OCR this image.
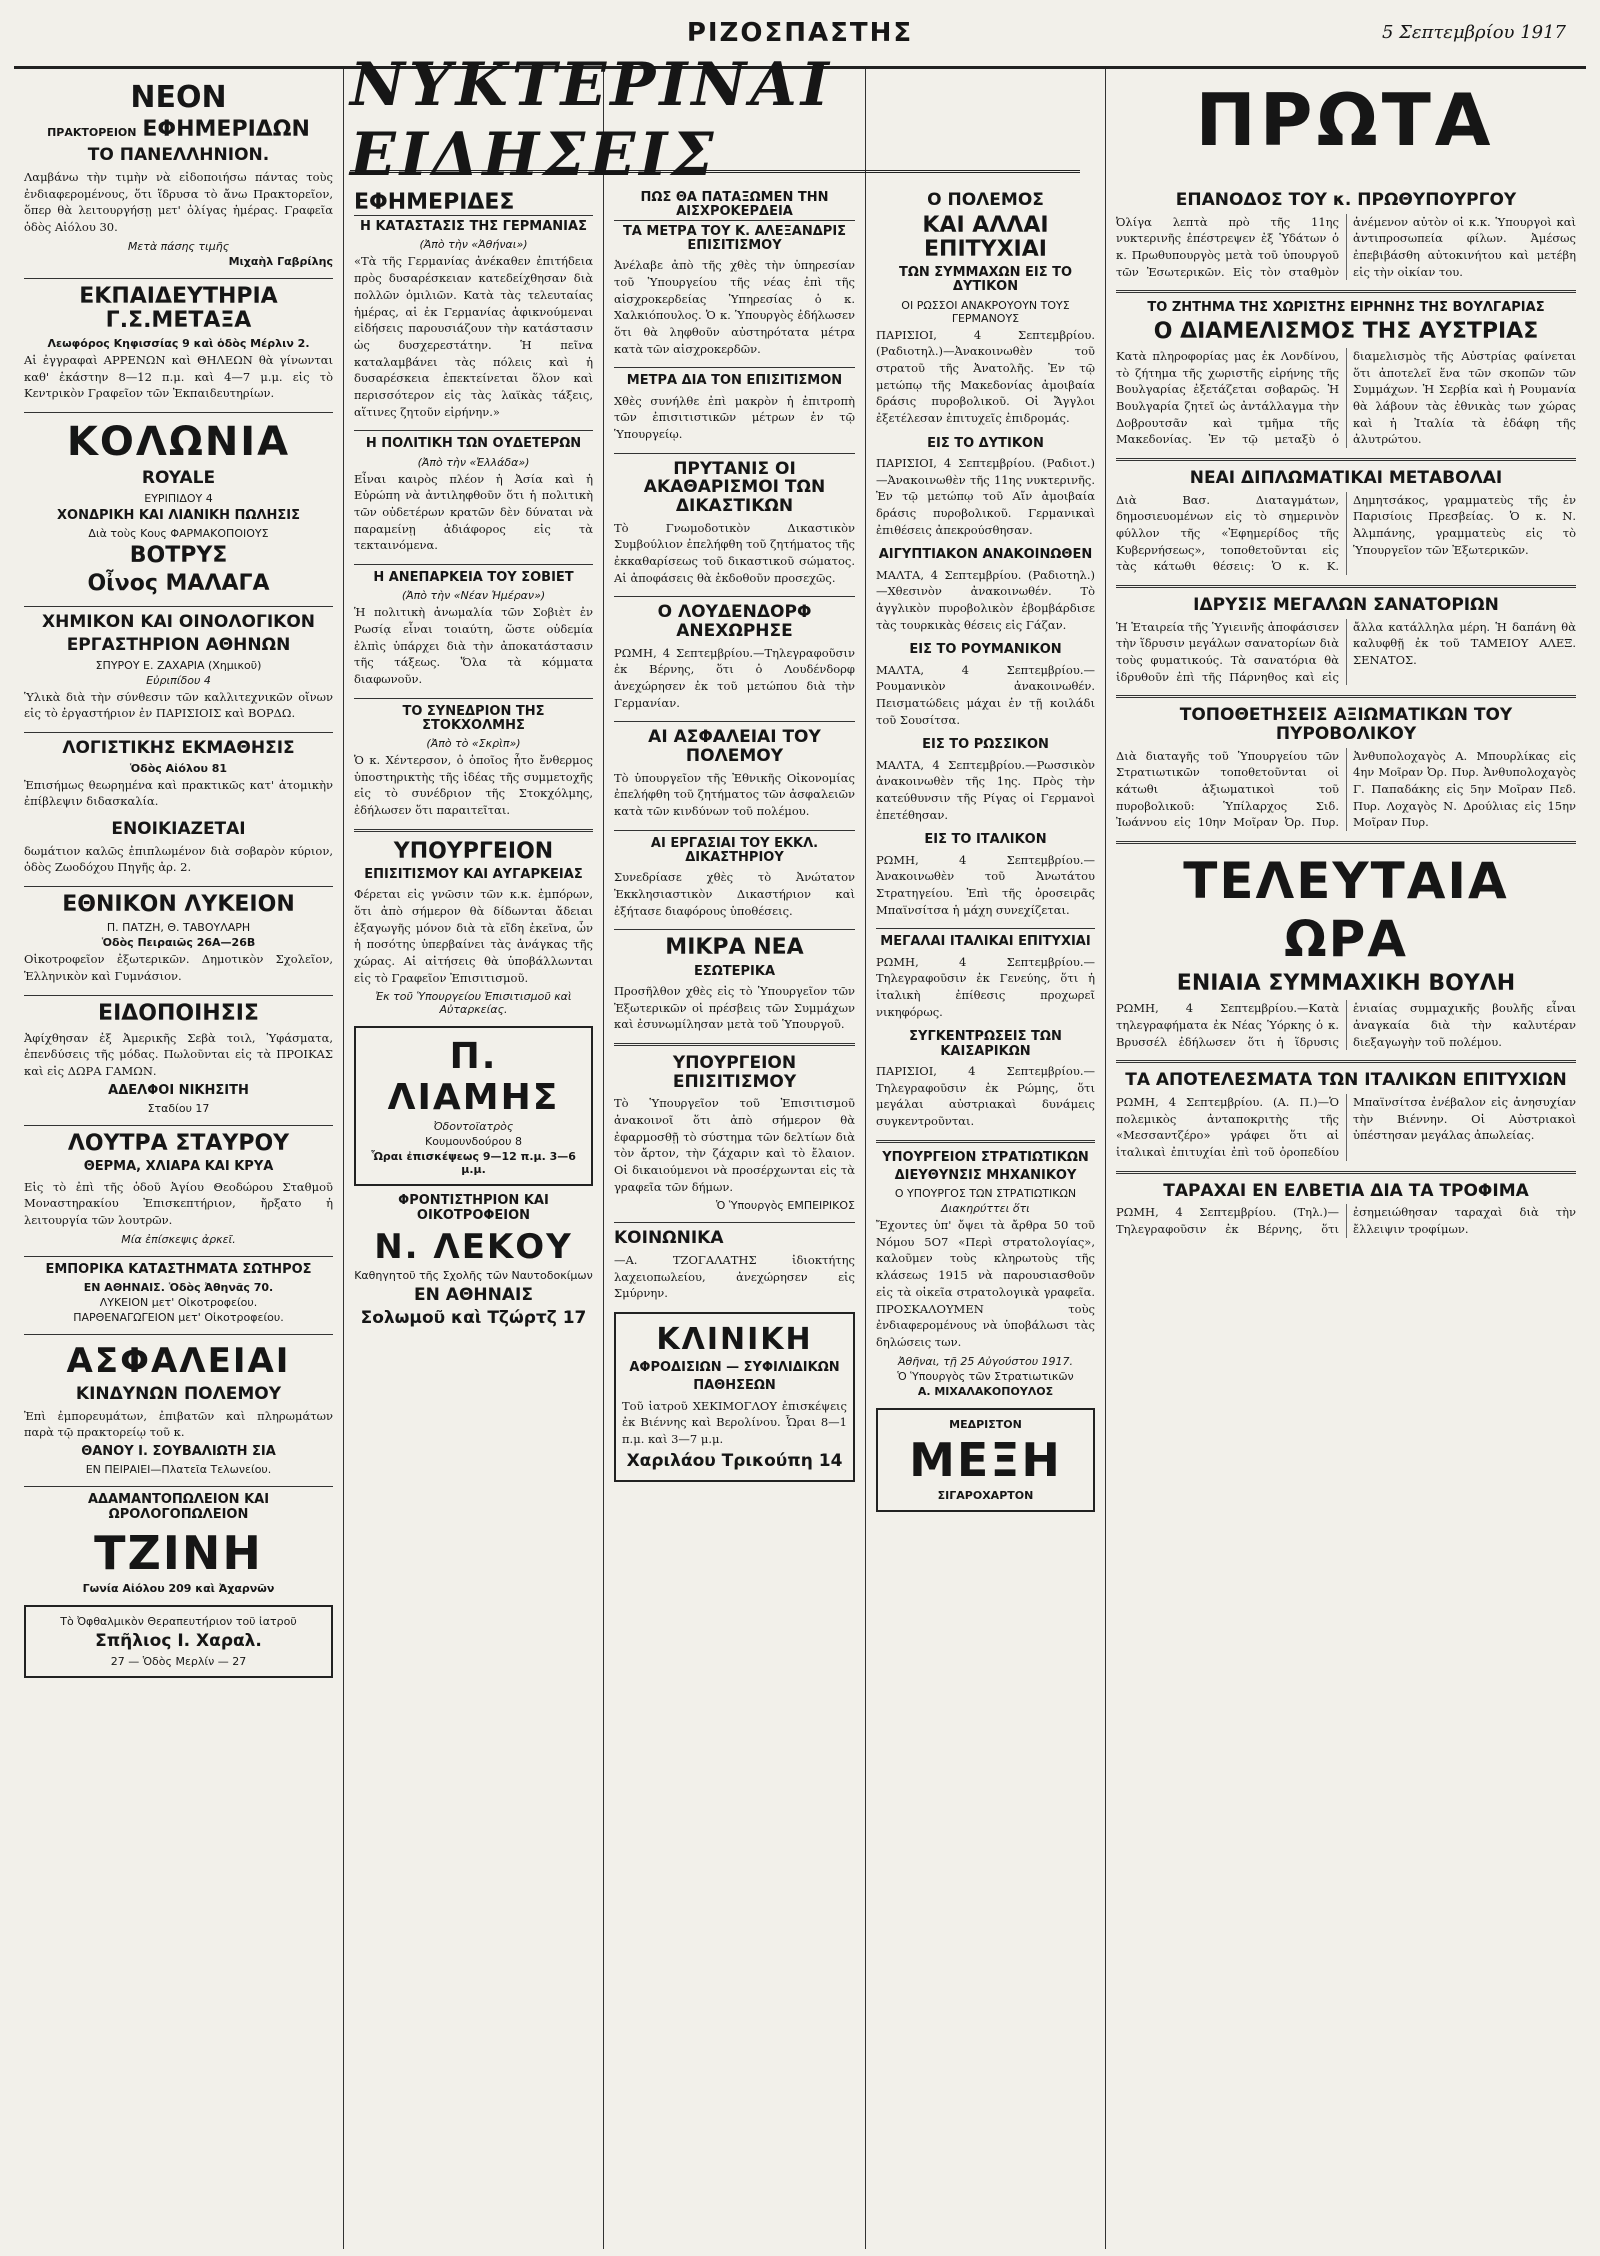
ΡΙΖΟΣΠΑΣΤΗΣ	5 Σεπτεμβρίου 1917
ΝΥΚΤΕΡΙΝΑΙ ΕΙΔΗΣΕΙΣ	ΠΡΩΤΑ
ΝΕΟΝ
ΠΡΑΚΤΟΡΕΙΟΝ ΕΦΗΜΕΡΙΔΩΝ
ΤΟ ΠΑΝΕΛΛΗΝΙΟΝ.

Λαμβάνω τὴν τιμὴν νὰ εἰδοποιήσω πάντας τοὺς ἐνδιαφερομένους, ὅτι ἵδρυσα τὸ ἄνω Πρακτορεῖον, ὅπερ θὰ λειτουργήσῃ μετ' ὀλίγας ἡμέρας. Γραφεῖα ὁδὸς Αἰόλου 30.

Μετὰ πάσης τιμῆς
Μιχαὴλ Γαβρίλης
ΕΚΠΑΙΔΕΥΤΗΡΙΑ Γ.Σ.ΜΕΤΑΞΑ
Λεωφόρος Κηφισσίας 9 καὶ ὁδὸς Μέρλιν 2.

Αἱ ἐγγραφαὶ ΑΡΡΕΝΩΝ καὶ ΘΗΛΕΩΝ θὰ γίνωνται καθ' ἑκάστην 8—12 π.μ. καὶ 4—7 μ.μ. εἰς τὸ Κεντρικὸν Γραφεῖον τῶν Ἐκπαιδευτηρίων.

ΚΟΛΩΝΙΑ
ROYALE
ΕΥΡΙΠΙΔΟΥ 4
ΧΟΝΔΡΙΚΗ ΚΑΙ ΛΙΑΝΙΚΗ ΠΩΛΗΣΙΣ
Διὰ τοὺς Κους ΦΑΡΜΑΚΟΠΟΙΟΥΣ
ΒΟΤΡΥΣ
Οἶνος ΜΑΛΑΓΑ
ΧΗΜΙΚΟΝ ΚΑΙ ΟΙΝΟΛΟΓΙΚΟΝ
ΕΡΓΑΣΤΗΡΙΟΝ ΑΘΗΝΩΝ
ΣΠΥΡΟΥ Ε. ΖΑΧΑΡΙΑ (Χημικοῦ)
Εὐριπίδου 4

Ὑλικὰ διὰ τὴν σύνθεσιν τῶν καλλιτεχνικῶν οἴνων εἰς τὸ ἐργαστήριον ἐν ΠΑΡΙΣΙΟΙΣ καὶ ΒΟΡΔΩ.

ΛΟΓΙΣΤΙΚΗΣ ΕΚΜΑΘΗΣΙΣ
Ὁδὸς Αἰόλου 81

Ἐπισήμως θεωρημένα καὶ πρακτικῶς κατ' ἀτομικὴν ἐπίβλεψιν διδασκαλία.

ΕΝΟΙΚΙΑΖΕΤΑΙ

δωμάτιον καλῶς ἐπιπλωμένον διὰ σοβαρὸν κύριον, ὁδὸς Ζωοδόχου Πηγῆς ἀρ. 2.

ΕΘΝΙΚΟΝ ΛΥΚΕΙΟΝ
Π. ΠΑΤΖΗ, Θ. ΤΑΒΟΥΛΑΡΗ
Ὁδὸς Πειραιῶς 26Α—26Β

Οἰκοτροφεῖον ἐξωτερικῶν. Δημοτικὸν Σχολεῖον, Ἑλληνικὸν καὶ Γυμνάσιον.

ΕΙΔΟΠΟΙΗΣΙΣ

Ἀφίχθησαν ἐξ Ἀμερικῆς Σεβὰ τοιλ, Ὑφάσματα, ἐπενδύσεις τῆς μόδας. Πωλοῦνται εἰς τὰ ΠΡΟΙΚΑΣ καὶ εἰς ΔΩΡΑ ΓΑΜΩΝ.

ΑΔΕΛΦΟΙ ΝΙΚΗΣΙΤΗ
Σταδίου 17
ΛΟΥΤΡΑ ΣΤΑΥΡΟΥ
ΘΕΡΜΑ, ΧΛΙΑΡΑ ΚΑΙ ΚΡΥΑ

Εἰς τὸ ἐπὶ τῆς ὁδοῦ Ἀγίου Θεοδώρου Σταθμοῦ Μοναστηρακίου Ἐπισκεπτήριον, ἤρξατο ἡ λειτουργία τῶν λουτρῶν.

Μία ἐπίσκεψις ἀρκεῖ.
ΕΜΠΟΡΙΚΑ ΚΑΤΑΣΤΗΜΑΤΑ ΣΩΤΗΡΟΣ
ΕΝ ΑΘΗΝΑΙΣ. Ὁδὸς Ἀθηνᾶς 70.
ΛΥΚΕΙΟΝ μετ' Οἰκοτροφείου.
ΠΑΡΘΕΝΑΓΩΓΕΙΟΝ μετ' Οἰκοτροφείου.
ΑΣΦΑΛΕΙΑΙ
ΚΙΝΔΥΝΩΝ ΠΟΛΕΜΟΥ

Ἐπὶ ἐμπορευμάτων, ἐπιβατῶν καὶ πληρωμάτων παρὰ τῷ πρακτορείῳ τοῦ κ.

ΘΑΝΟΥ Ι. ΣΟΥΒΑΛΙΩΤΗ ΣΙΑ
ΕΝ ΠΕΙΡΑΙΕΙ—Πλατεῖα Τελωνείου.
ΑΔΑΜΑΝΤΟΠΩΛΕΙΟΝ ΚΑΙ ΩΡΟΛΟΓΟΠΩΛΕΙΟΝ
ΤΖΙΝΗ
Γωνία Αἰόλου 209 καὶ Ἀχαρνῶν
Τὸ Ὀφθαλμικὸν Θεραπευτήριον τοῦ ἰατροῦ
Σπῆλιος Ι. Χαραλ.
27 — Ὁδὸς Μερλίν — 27
ΕΦΗΜΕΡΙΔΕΣ
Η ΚΑΤΑΣΤΑΣΙΣ ΤΗΣ ΓΕΡΜΑΝΙΑΣ
(Ἀπὸ τὴν «Ἀθήναι»)

«Τὰ τῆς Γερμανίας ἀνέκαθεν ἐπιτήδεια πρὸς δυσαρέσκειαν κατεδείχθησαν διὰ πολλῶν ὁμιλιῶν. Κατὰ τὰς τελευταίας ἡμέρας, αἱ ἐκ Γερμανίας ἀφικνούμεναι εἰδήσεις παρουσιάζουν τὴν κατάστασιν ὡς δυσχερεστάτην. Ἡ πεῖνα καταλαμβάνει τὰς πόλεις καὶ ἡ δυσαρέσκεια ἐπεκτείνεται ὅλον καὶ περισσότερον εἰς τὰς λαϊκὰς τάξεις, αἵτινες ζητοῦν εἰρήνην.»

Η ΠΟΛΙΤΙΚΗ ΤΩΝ ΟΥΔΕΤΕΡΩΝ
(Ἀπὸ τὴν «Ἑλλάδα»)

Εἶναι καιρὸς πλέον ἡ Ἀσία καὶ ἡ Εὐρώπη νὰ ἀντιληφθοῦν ὅτι ἡ πολιτικὴ τῶν οὐδετέρων κρατῶν δὲν δύναται νὰ παραμείνῃ ἀδιάφορος εἰς τὰ τεκταινόμενα.

Η ΑΝΕΠΑΡΚΕΙΑ ΤΟΥ ΣΟΒΙΕΤ
(Ἀπὸ τὴν «Νέαν Ἡμέραν»)

Ἡ πολιτικὴ ἀνωμαλία τῶν Σοβιὲτ ἐν Ρωσίᾳ εἶναι τοιαύτη, ὥστε οὐδεμία ἐλπὶς ὑπάρχει διὰ τὴν ἀποκατάστασιν τῆς τάξεως. Ὅλα τὰ κόμματα διαφωνοῦν.

ΤΟ ΣΥΝΕΔΡΙΟΝ ΤΗΣ ΣΤΟΚΧΟΛΜΗΣ
(Ἀπὸ τὸ «Σκρὶπ»)

Ὁ κ. Χέντερσον, ὁ ὁποῖος ἦτο ἔνθερμος ὑποστηρικτὴς τῆς ἰδέας τῆς συμμετοχῆς εἰς τὸ συνέδριον τῆς Στοκχόλμης, ἐδήλωσεν ὅτι παραιτεῖται.

ΥΠΟΥΡΓΕΙΟΝ
ΕΠΙΣΙΤΙΣΜΟΥ ΚΑΙ ΑΥΓΑΡΚΕΙΑΣ

Φέρεται εἰς γνῶσιν τῶν κ.κ. ἐμπόρων, ὅτι ἀπὸ σήμερον θὰ δίδωνται ἄδειαι ἐξαγωγῆς μόνον διὰ τὰ εἴδη ἐκεῖνα, ὧν ἡ ποσότης ὑπερβαίνει τὰς ἀνάγκας τῆς χώρας. Αἱ αἰτήσεις θὰ ὑποβάλλωνται εἰς τὸ Γραφεῖον Ἐπισιτισμοῦ.

Ἐκ τοῦ Ὑπουργείου Ἐπισιτισμοῦ καὶ Αὐταρκείας.
Π. ΛΙΑΜΗΣ
Ὀδοντοϊατρὸς
Κουμουνδούρου 8
Ὧραι ἐπισκέψεως 9—12 π.μ. 3—6 μ.μ.
ΦΡΟΝΤΙΣΤΗΡΙΟΝ ΚΑΙ ΟΙΚΟΤΡΟΦΕΙΟΝ
Ν. ΛΕΚΟΥ
Καθηγητοῦ τῆς Σχολῆς τῶν Ναυτοδοκίμων
ΕΝ ΑΘΗΝΑΙΣ
Σολωμοῦ καὶ Τζώρτζ 17
ΠΩΣ ΘΑ ΠΑΤΑΞΩΜΕΝ ΤΗΝ ΑΙΣΧΡΟΚΕΡΔΕΙΑ
ΤΑ ΜΕΤΡΑ ΤΟΥ Κ. ΑΛΕΞΑΝΔΡΙΣ ΕΠΙΣΙΤΙΣΜΟΥ

Ἀνέλαβε ἀπὸ τῆς χθὲς τὴν ὑπηρεσίαν τοῦ Ὑπουργείου τῆς νέας ἐπὶ τῆς αἰσχροκερδείας Ὑπηρεσίας ὁ κ. Χαλκιόπουλος. Ὁ κ. Ὑπουργὸς ἐδήλωσεν ὅτι θὰ ληφθοῦν αὐστηρότατα μέτρα κατὰ τῶν αἰσχροκερδῶν.

ΜΕΤΡΑ ΔΙΑ ΤΟΝ ΕΠΙΣΙΤΙΣΜΟΝ

Χθὲς συνήλθε ἐπὶ μακρὸν ἡ ἐπιτροπὴ τῶν ἐπισιτιστικῶν μέτρων ἐν τῷ Ὑπουργείῳ.

ΠΡΥΤΑΝΙΣ ΟΙ ΑΚΑΘΑΡΙΣΜΟΙ ΤΩΝ ΔΙΚΑΣΤΙΚΩΝ

Τὸ Γνωμοδοτικὸν Δικαστικὸν Συμβούλιον ἐπελήφθη τοῦ ζητήματος τῆς ἐκκαθαρίσεως τοῦ δικαστικοῦ σώματος. Αἱ ἀποφάσεις θὰ ἐκδοθοῦν προσεχῶς.

Ο ΛΟΥΔΕΝΔΟΡΦ ΑΝΕΧΩΡΗΣΕ

ΡΩΜΗ, 4 Σεπτεμβρίου.—Τηλεγραφοῦσιν ἐκ Βέρνης, ὅτι ὁ Λουδένδορφ ἀνεχώρησεν ἐκ τοῦ μετώπου διὰ τὴν Γερμανίαν.

ΑΙ ΑΣΦΑΛΕΙΑΙ ΤΟΥ ΠΟΛΕΜΟΥ

Τὸ ὑπουργεῖον τῆς Ἐθνικῆς Οἰκονομίας ἐπελήφθη τοῦ ζητήματος τῶν ἀσφαλειῶν κατὰ τῶν κινδύνων τοῦ πολέμου.

ΑΙ ΕΡΓΑΣΙΑΙ ΤΟΥ ΕΚΚΛ. ΔΙΚΑΣΤΗΡΙΟΥ

Συνεδρίασε χθὲς τὸ Ἀνώτατον Ἐκκλησιαστικὸν Δικαστήριον καὶ ἐξήτασε διαφόρους ὑποθέσεις.

ΜΙΚΡΑ ΝΕΑ
ΕΣΩΤΕΡΙΚΑ

Προσῆλθον χθὲς εἰς τὸ Ὑπουργεῖον τῶν Ἐξωτερικῶν οἱ πρέσβεις τῶν Συμμάχων καὶ ἐσυνωμίλησαν μετὰ τοῦ Ὑπουργοῦ.

ΥΠΟΥΡΓΕΙΟΝ ΕΠΙΣΙΤΙΣΜΟΥ

Τὸ Ὑπουργεῖον τοῦ Ἐπισιτισμοῦ ἀνακοινοῖ ὅτι ἀπὸ σήμερον θὰ ἐφαρμοσθῇ τὸ σύστημα τῶν δελτίων διὰ τὸν ἄρτον, τὴν ζάχαριν καὶ τὸ ἔλαιον. Οἱ δικαιούμενοι νὰ προσέρχωνται εἰς τὰ γραφεῖα τῶν δήμων.

Ὁ Ὑπουργὸς ΕΜΠΕΙΡΙΚΟΣ
ΚΟΙΝΩΝΙΚΑ

—Α. ΤΖΟΓΑΛΑΤΗΣ ἰδιοκτήτης λαχειοπωλείου, ἀνεχώρησεν εἰς Σμύρνην.

ΚΛΙΝΙΚΗ
ΑΦΡΟΔΙΣΙΩΝ — ΣΥΦΙΛΙΔΙΚΩΝ
ΠΑΘΗΣΕΩΝ

Τοῦ ἰατροῦ ΧΕΚΙΜΟΓΛΟΥ ἐπισκέψεις ἐκ Βιέννης καὶ Βερολίνου. Ὧραι 8—1 π.μ. καὶ 3—7 μ.μ.

Χαριλάου Τρικούπη 14
Ο ΠΟΛΕΜΟΣ
ΚΑΙ ΑΛΛΑΙ ΕΠΙΤΥΧΙΑΙ
ΤΩΝ ΣΥΜΜΑΧΩΝ ΕΙΣ ΤΟ ΔΥΤΙΚΟΝ
ΟΙ ΡΩΣΣΟΙ ΑΝΑΚΡΟΥΟΥΝ ΤΟΥΣ ΓΕΡΜΑΝΟΥΣ

ΠΑΡΙΣΙΟΙ, 4 Σεπτεμβρίου. (Ραδιοτηλ.)—Ἀνακοινωθὲν τοῦ στρατοῦ τῆς Ἀνατολῆς. Ἐν τῷ μετώπῳ τῆς Μακεδονίας ἀμοιβαία δράσις πυροβολικοῦ. Οἱ Ἄγγλοι ἐξετέλεσαν ἐπιτυχεῖς ἐπιδρομάς.

ΕΙΣ ΤΟ ΔΥΤΙΚΟΝ

ΠΑΡΙΣΙΟΙ, 4 Σεπτεμβρίου. (Ραδιοτ.)—Ἀνακοινωθὲν τῆς 11ης νυκτερινῆς. Ἐν τῷ μετώπῳ τοῦ Αἴν ἀμοιβαία δράσις πυροβολικοῦ. Γερμανικαὶ ἐπιθέσεις ἀπεκρούσθησαν.

ΑΙΓΥΠΤΙΑΚΟΝ ΑΝΑΚΟΙΝΩΘΕΝ

ΜΑΛΤΑ, 4 Σεπτεμβρίου. (Ραδιοτηλ.)—Χθεσινὸν ἀνακοινωθέν. Τὸ ἀγγλικὸν πυροβολικὸν ἐβομβάρδισε τὰς τουρκικὰς θέσεις εἰς Γάζαν.

ΕΙΣ ΤΟ ΡΟΥΜΑΝΙΚΟΝ

ΜΑΛΤΑ, 4 Σεπτεμβρίου.—Ρουμανικὸν ἀνακοινωθέν. Πεισματώδεις μάχαι ἐν τῇ κοιλάδι τοῦ Σουσίτσα.

ΕΙΣ ΤΟ ΡΩΣΣΙΚΟΝ

ΜΑΛΤΑ, 4 Σεπτεμβρίου.—Ρωσσικὸν ἀνακοινωθὲν τῆς 1ης. Πρὸς τὴν κατεύθυνσιν τῆς Ρίγας οἱ Γερμανοὶ ἐπετέθησαν.

ΕΙΣ ΤΟ ΙΤΑΛΙΚΟΝ

ΡΩΜΗ, 4 Σεπτεμβρίου.—Ἀνακοινωθὲν τοῦ Ἀνωτάτου Στρατηγείου. Ἐπὶ τῆς ὀροσειρᾶς Μπαϊνσίτσα ἡ μάχη συνεχίζεται.

ΜΕΓΑΛΑΙ ΙΤΑΛΙΚΑΙ ΕΠΙΤΥΧΙΑΙ

ΡΩΜΗ, 4 Σεπτεμβρίου.—Τηλεγραφοῦσιν ἐκ Γενεύης, ὅτι ἡ ἰταλικὴ ἐπίθεσις προχωρεῖ νικηφόρως.

ΣΥΓΚΕΝΤΡΩΣΕΙΣ ΤΩΝ ΚΑΙΣΑΡΙΚΩΝ

ΠΑΡΙΣΙΟΙ, 4 Σεπτεμβρίου.—Τηλεγραφοῦσιν ἐκ Ρώμης, ὅτι μεγάλαι αὐστριακαὶ δυνάμεις συγκεντροῦνται.

ΥΠΟΥΡΓΕΙΟΝ ΣΤΡΑΤΙΩΤΙΚΩΝ
ΔΙΕΥΘΥΝΣΙΣ ΜΗΧΑΝΙΚΟΥ
Ο ΥΠΟΥΡΓΟΣ ΤΩΝ ΣΤΡΑΤΙΩΤΙΚΩΝ
Διακηρύττει ὅτι

Ἔχοντες ὑπ' ὄψει τὰ ἄρθρα 50 τοῦ Νόμου 5Ο7 «Περὶ στρατολογίας», καλοῦμεν τοὺς κληρωτοὺς τῆς κλάσεως 1915 νὰ παρουσιασθοῦν εἰς τὰ οἰκεῖα στρατολογικὰ γραφεῖα. ΠΡΟΣΚΑΛΟΥΜΕΝ τοὺς ἐνδιαφερομένους νὰ ὑποβάλωσι τὰς δηλώσεις των.

Ἀθῆναι, τῇ 25 Αὐγούστου 1917.
Ὁ Ὑπουργὸς τῶν Στρατιωτικῶν
Α. ΜΙΧΑΛΑΚΟΠΟΥΛΟΣ
ΜΕΔΡΙΣΤΟΝ
ΜΕΞΗ
ΣΙΓΑΡΟΧΑΡΤΟΝ
ΕΠΑΝΟΔΟΣ ΤΟΥ κ. ΠΡΩΘΥΠΟΥΡΓΟΥ

Ὀλίγα λεπτὰ πρὸ τῆς 11ης νυκτερινῆς ἐπέστρεψεν ἐξ Ὑδάτων ὁ κ. Πρωθυπουργὸς μετὰ τοῦ ὑπουργοῦ τῶν Ἐσωτερικῶν. Εἰς τὸν σταθμὸν ἀνέμενον αὐτὸν οἱ κ.κ. Ὑπουργοὶ καὶ ἀντιπροσωπεία φίλων. Ἀμέσως ἐπεβιβάσθη αὐτοκινήτου καὶ μετέβη εἰς τὴν οἰκίαν του.

ΤΟ ΖΗΤΗΜΑ ΤΗΣ ΧΩΡΙΣΤΗΣ ΕΙΡΗΝΗΣ ΤΗΣ ΒΟΥΛΓΑΡΙΑΣ
Ο ΔΙΑΜΕΛΙΣΜΟΣ ΤΗΣ ΑΥΣΤΡΙΑΣ

Κατὰ πληροφορίας μας ἐκ Λονδίνου, τὸ ζήτημα τῆς χωριστῆς εἰρήνης τῆς Βουλγαρίας ἐξετάζεται σοβαρῶς. Ἡ Βουλγαρία ζητεῖ ὡς ἀντάλλαγμα τὴν Δοβρουτσᾶν καὶ τμῆμα τῆς Μακεδονίας. Ἐν τῷ μεταξὺ ὁ διαμελισμὸς τῆς Αὐστρίας φαίνεται ὅτι ἀποτελεῖ ἕνα τῶν σκοπῶν τῶν Συμμάχων. Ἡ Σερβία καὶ ἡ Ρουμανία θὰ λάβουν τὰς ἐθνικὰς των χώρας καὶ ἡ Ἰταλία τὰ ἐδάφη τῆς ἀλυτρώτου.

ΝΕΑΙ ΔΙΠΛΩΜΑΤΙΚΑΙ ΜΕΤΑΒΟΛΑΙ

Διὰ Βασ. Διαταγμάτων, δημοσιευομένων εἰς τὸ σημερινὸν φύλλον τῆς «Ἐφημερίδος τῆς Κυβερνήσεως», τοποθετοῦνται εἰς τὰς κάτωθι θέσεις: Ὁ κ. Κ. Δημητσάκος, γραμματεὺς τῆς ἐν Παρισίοις Πρεσβείας. Ὁ κ. Ν. Ἀλμπάνης, γραμματεὺς εἰς τὸ Ὑπουργεῖον τῶν Ἐξωτερικῶν.

ΙΔΡΥΣΙΣ ΜΕΓΑΛΩΝ ΣΑΝΑΤΟΡΙΩΝ

Ἡ Ἑταιρεία τῆς Ὑγιεινῆς ἀποφάσισεν τὴν ἵδρυσιν μεγάλων σανατορίων διὰ τοὺς φυματικούς. Τὰ σανατόρια θὰ ἱδρυθοῦν ἐπὶ τῆς Πάρνηθος καὶ εἰς ἄλλα κατάλληλα μέρη. Ἡ δαπάνη θὰ καλυφθῇ ἐκ τοῦ ΤΑΜΕΙΟΥ ΑΛΕΞ. ΣΕΝΑΤΟΣ.

ΤΟΠΟΘΕΤΗΣΕΙΣ ΑΞΙΩΜΑΤΙΚΩΝ ΤΟΥ ΠΥΡΟΒΟΛΙΚΟΥ

Διὰ διαταγῆς τοῦ Ὑπουργείου τῶν Στρατιωτικῶν τοποθετοῦνται οἱ κάτωθι ἀξιωματικοὶ τοῦ πυροβολικοῦ: Ὑπίλαρχος Σιδ. Ἰωάννου εἰς 10ην Μοῖραν Ὀρ. Πυρ. Ἀνθυπολοχαγὸς Α. Μπουρλίκας εἰς 4ην Μοῖραν Ὀρ. Πυρ. Ἀνθυπολοχαγὸς Γ. Παπαδάκης εἰς 5ην Μοῖραν Πεδ. Πυρ. Λοχαγὸς Ν. Δρούλιας εἰς 15ην Μοῖραν Πυρ.

ΤΕΛΕΥΤΑΙΑ ΩΡΑ
ΕΝΙΑΙΑ ΣΥΜΜΑΧΙΚΗ ΒΟΥΛΗ

ΡΩΜΗ, 4 Σεπτεμβρίου.—Κατὰ τηλεγραφήματα ἐκ Νέας Ὑόρκης ὁ κ. Βρυσσέλ ἐδήλωσεν ὅτι ἡ ἵδρυσις ἑνιαίας συμμαχικῆς βουλῆς εἶναι ἀναγκαία διὰ τὴν καλυτέραν διεξαγωγὴν τοῦ πολέμου.

ΤΑ ΑΠΟΤΕΛΕΣΜΑΤΑ ΤΩΝ ΙΤΑΛΙΚΩΝ ΕΠΙΤΥΧΙΩΝ

ΡΩΜΗ, 4 Σεπτεμβρίου. (Α. Π.)—Ὁ πολεμικὸς ἀνταποκριτὴς τῆς «Μεσσαντζέρο» γράφει ὅτι αἱ ἰταλικαὶ ἐπιτυχίαι ἐπὶ τοῦ ὀροπεδίου Μπαϊνσίτσα ἐνέβαλον εἰς ἀνησυχίαν τὴν Βιέννην. Οἱ Αὐστριακοὶ ὑπέστησαν μεγάλας ἀπωλείας.

ΤΑΡΑΧΑΙ ΕΝ ΕΛΒΕΤΙΑ ΔΙΑ ΤΑ ΤΡΟΦΙΜΑ

ΡΩΜΗ, 4 Σεπτεμβρίου. (Τηλ.)—Τηλεγραφοῦσιν ἐκ Βέρνης, ὅτι ἐσημειώθησαν ταραχαὶ διὰ τὴν ἔλλειψιν τροφίμων.
